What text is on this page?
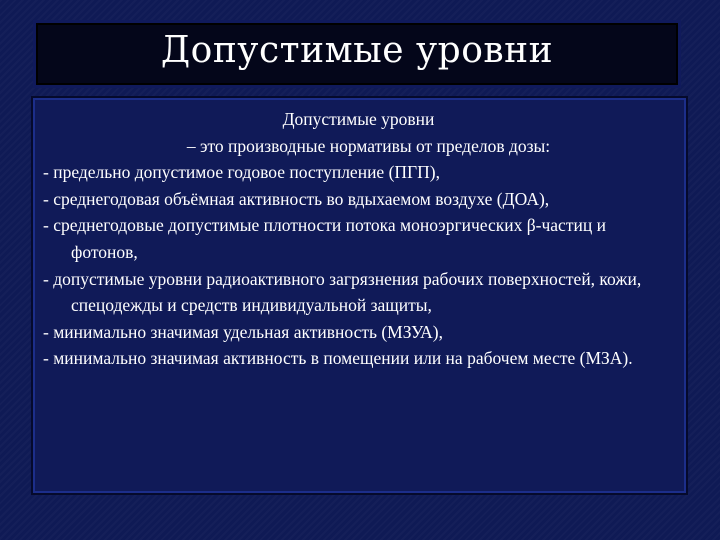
Допустимые уровни
Допустимые уровни
– это производные нормативы от пределов дозы:
- предельно допустимое годовое поступление (ПГП),
- среднегодовая объёмная активность во вдыхаемом воздухе (ДОА),
- среднегодовые допустимые плотности потока моноэргических β-частиц и фотонов,
- допустимые уровни радиоактивного загрязнения рабочих поверхностей, кожи, спецодежды и средств индивидуальной защиты,
- минимально значимая удельная активность (МЗУА),
- минимально значимая активность в помещении или на рабочем месте (МЗА).
